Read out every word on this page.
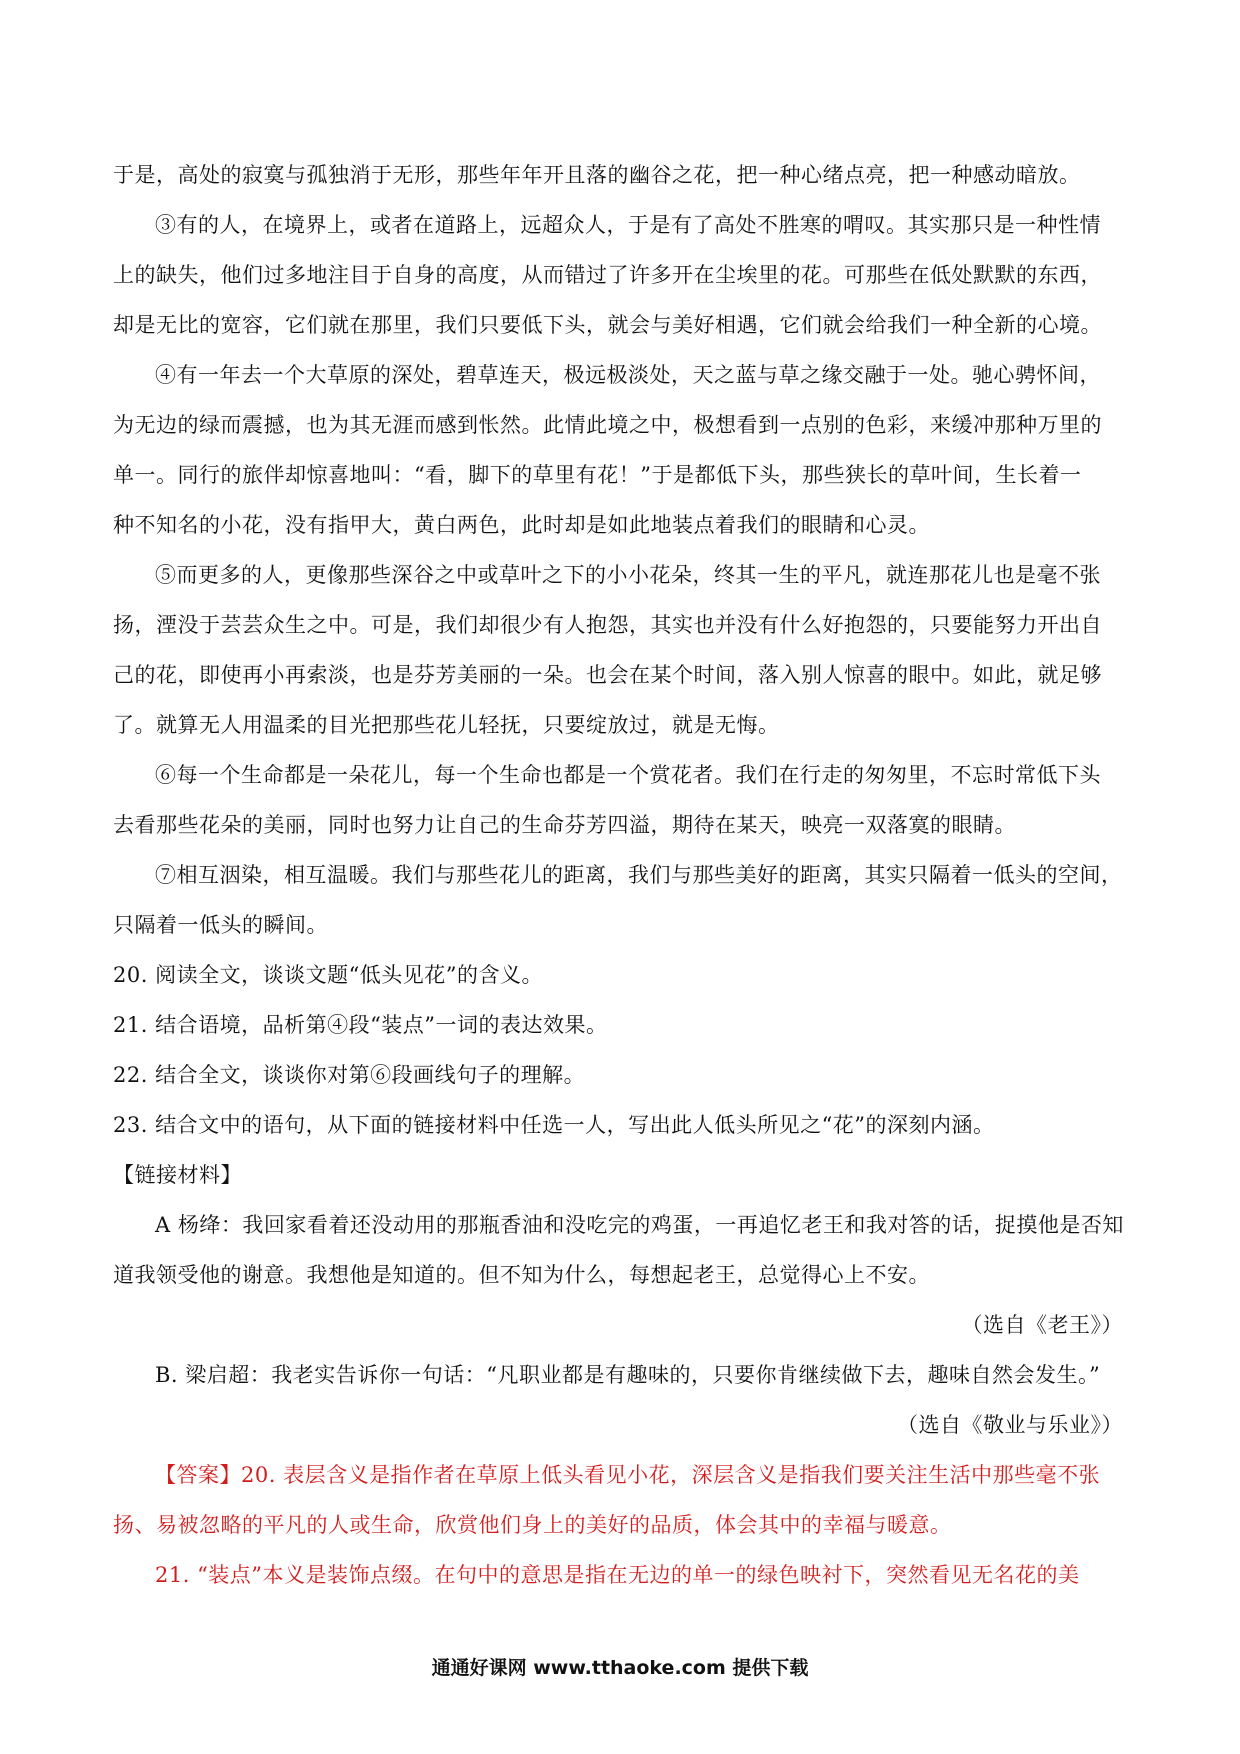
于是，高处的寂寞与孤独消于无形，那些年年开且落的幽谷之花，把一种心绪点亮，把一种感动暗放。
③有的人，在境界上，或者在道路上，远超众人，于是有了高处不胜寒的喟叹。其实那只是一种性情
上的缺失，他们过多地注目于自身的高度，从而错过了许多开在尘埃里的花。可那些在低处默默的东西，
却是无比的宽容，它们就在那里，我们只要低下头，就会与美好相遇，它们就会给我们一种全新的心境。
④有一年去一个大草原的深处，碧草连天，极远极淡处，天之蓝与草之缘交融于一处。驰心骋怀间，
为无边的绿而震撼，也为其无涯而感到怅然。此情此境之中，极想看到一点别的色彩，来缓冲那种万里的
单一。同行的旅伴却惊喜地叫：“看，脚下的草里有花！”于是都低下头，那些狭长的草叶间，生长着一
种不知名的小花，没有指甲大，黄白两色，此时却是如此地装点着我们的眼睛和心灵。
⑤而更多的人，更像那些深谷之中或草叶之下的小小花朵，终其一生的平凡，就连那花儿也是毫不张
扬，湮没于芸芸众生之中。可是，我们却很少有人抱怨，其实也并没有什么好抱怨的，只要能努力开出自
己的花，即使再小再索淡，也是芬芳美丽的一朵。也会在某个时间，落入别人惊喜的眼中。如此，就足够
了。就算无人用温柔的目光把那些花儿轻抚，只要绽放过，就是无悔。
⑥每一个生命都是一朵花儿，每一个生命也都是一个赏花者。我们在行走的匆匆里，不忘时常低下头
去看那些花朵的美丽，同时也努力让自己的生命芬芳四溢，期待在某天，映亮一双落寞的眼睛。
⑦相互洇染，相互温暖。我们与那些花儿的距离，我们与那些美好的距离，其实只隔着一低头的空间，
只隔着一低头的瞬间。
20. 阅读全文，谈谈文题“低头见花”的含义。
21. 结合语境，品析第④段“装点”一词的表达效果。
22. 结合全文，谈谈你对第⑥段画线句子的理解。
23. 结合文中的语句，从下面的链接材料中任选一人，写出此人低头所见之“花”的深刻内涵。
【链接材料】
A 杨绛：我回家看着还没动用的那瓶香油和没吃完的鸡蛋，一再追忆老王和我对答的话，捉摸他是否知
道我领受他的谢意。我想他是知道的。但不知为什么，每想起老王，总觉得心上不安。
（选自《老王》）
B. 梁启超：我老实告诉你一句话：“凡职业都是有趣味的，只要你肯继续做下去，趣味自然会发生。”
（选自《敬业与乐业》）
【答案】20. 表层含义是指作者在草原上低头看见小花，深层含义是指我们要关注生活中那些毫不张
扬、易被忽略的平凡的人或生命，欣赏他们身上的美好的品质，体会其中的幸福与暖意。
21. “装点”本义是装饰点缀。在句中的意思是指在无边的单一的绿色映衬下，突然看见无名花的美
通通好课网 www.tthaoke.com 提供下载
